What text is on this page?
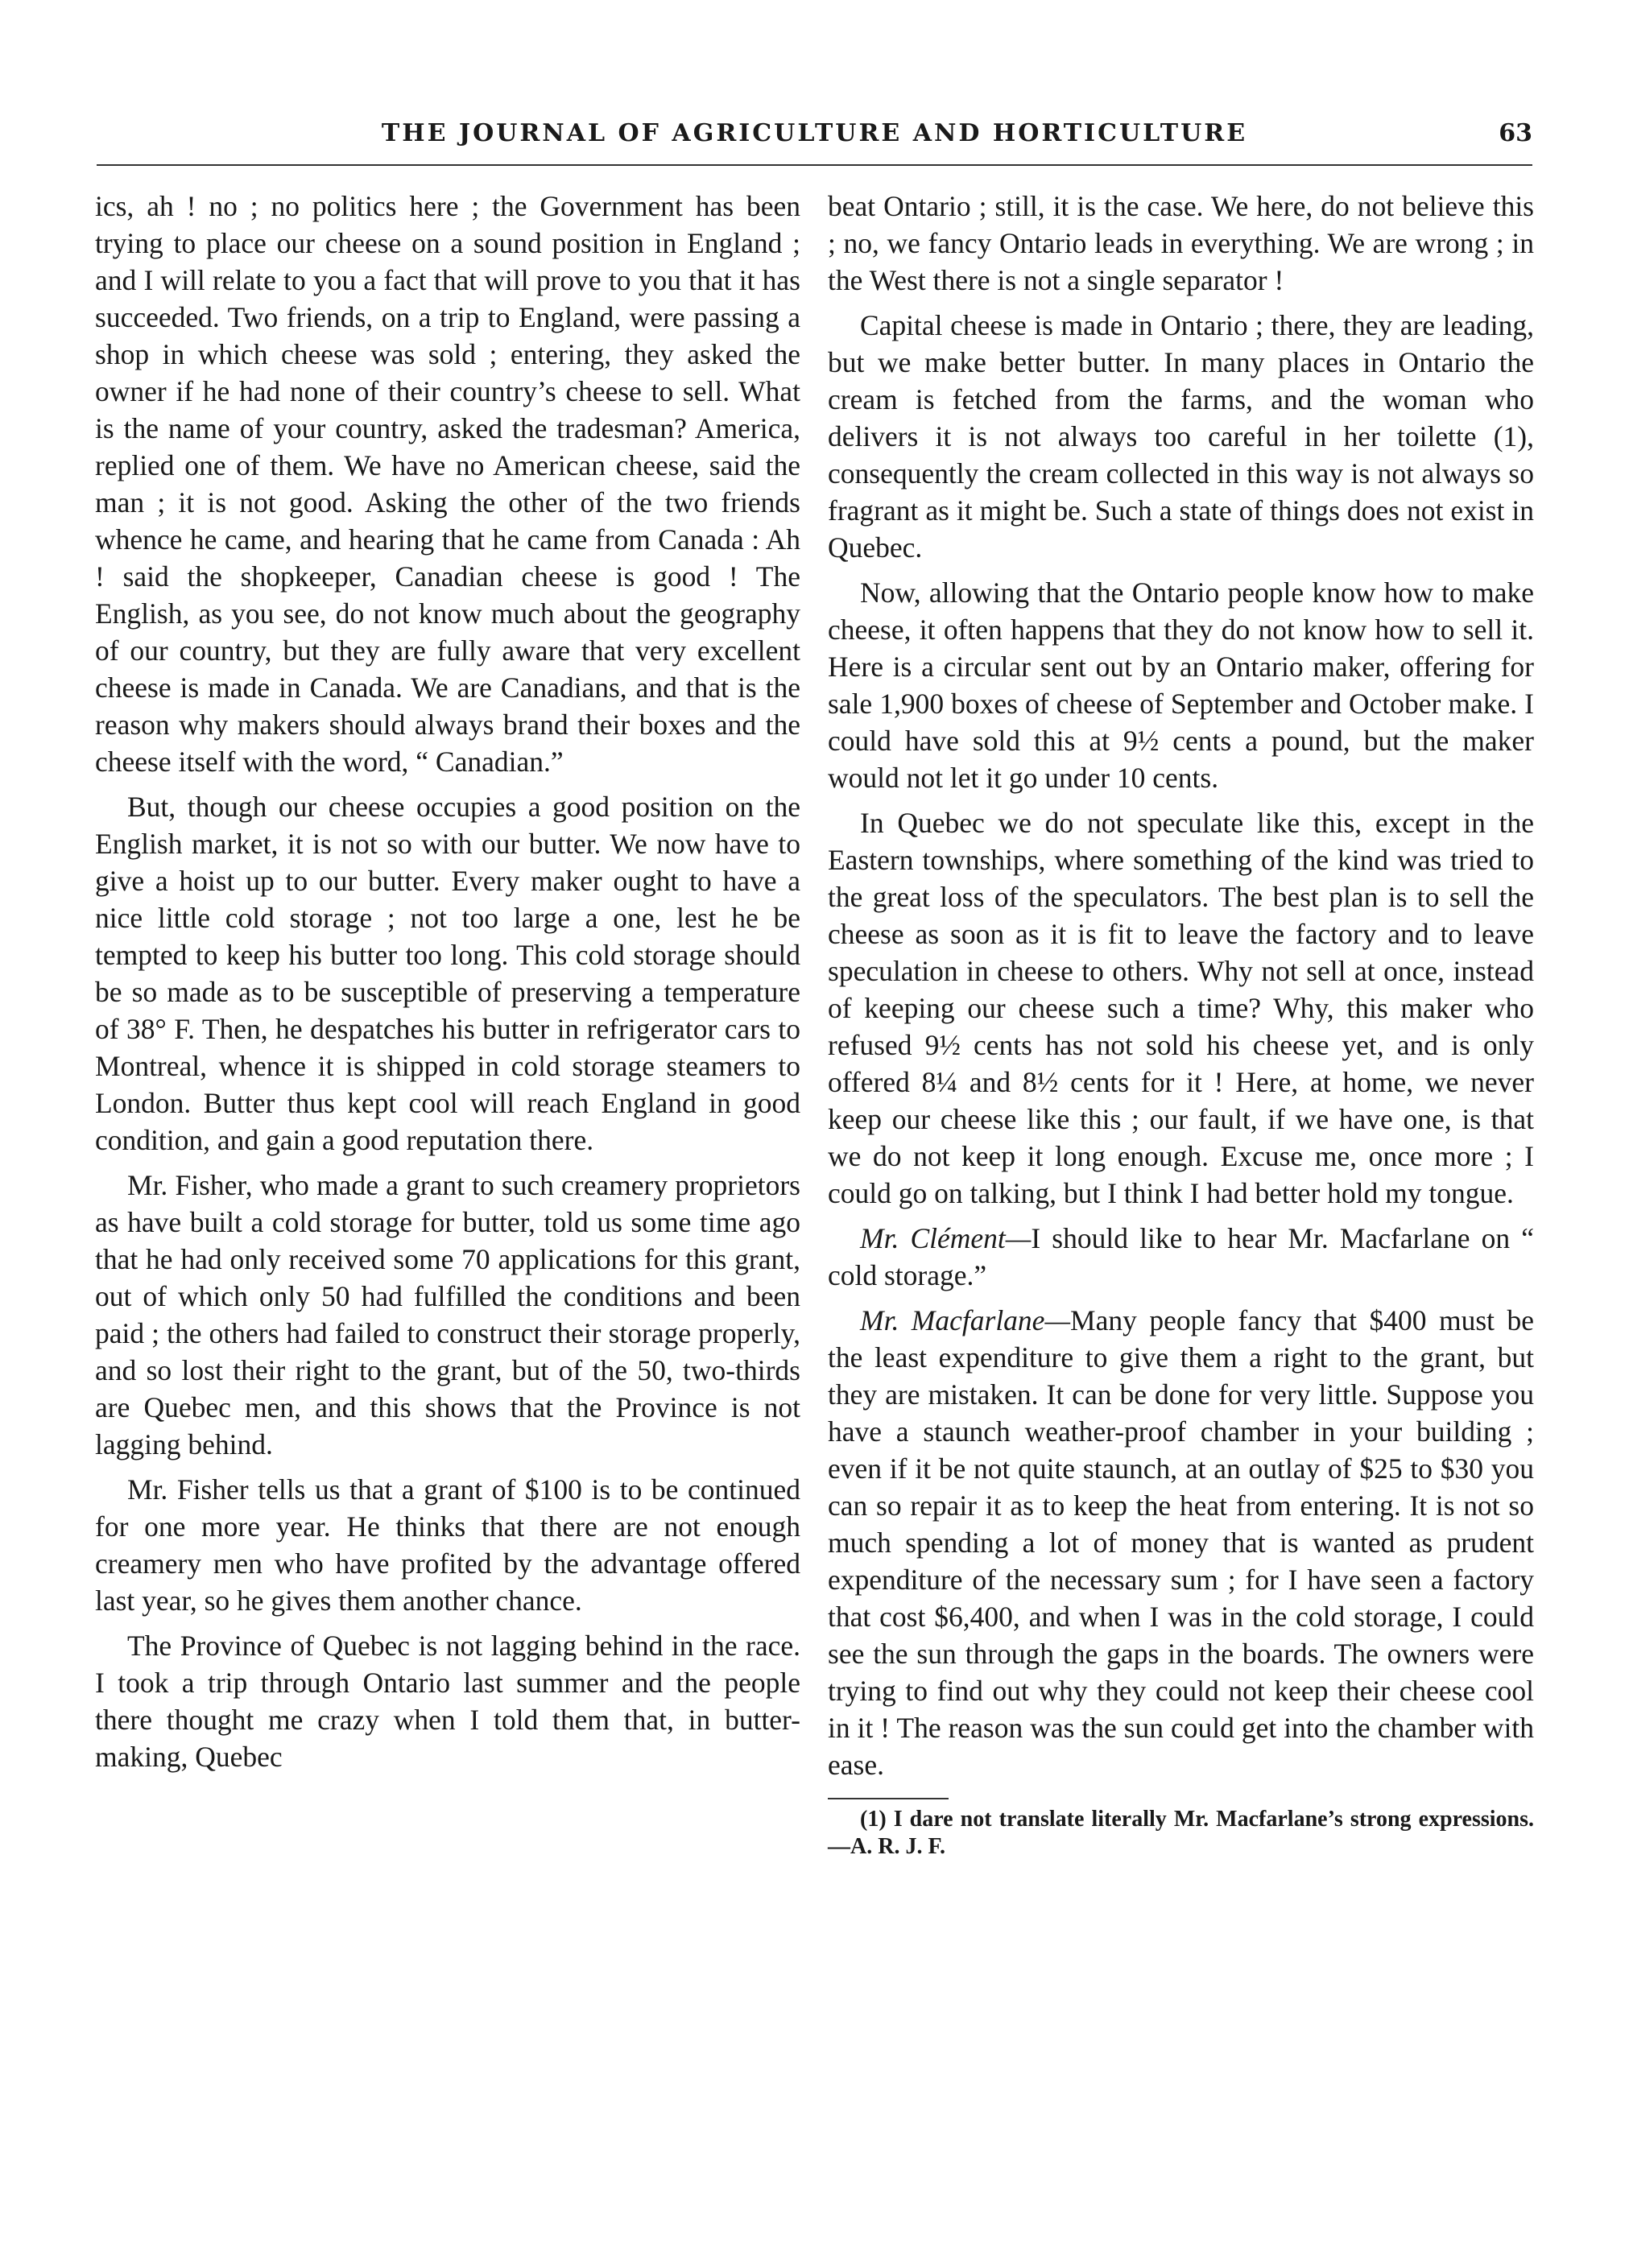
THE JOURNAL OF AGRICULTURE AND HORTICULTURE	63

ics, ah ! no ; no politics here ; the Government has been trying to place our cheese on a sound position in England ; and I will relate to you a fact that will prove to you that it has succeeded. Two friends, on a trip to England, were passing a shop in which cheese was sold ; entering, they asked the owner if he had none of their country’s cheese to sell. What is the name of your country, asked the tradesman? America, replied one of them. We have no American cheese, said the man ; it is not good. Asking the other of the two friends whence he came, and hearing that he came from Canada : Ah ! said the shopkeeper, Canadian cheese is good ! The English, as you see, do not know much about the geography of our country, but they are fully aware that very excellent cheese is made in Canada. We are Canadians, and that is the reason why makers should always brand their boxes and the cheese itself with the word, “ Canadian.”

But, though our cheese occupies a good position on the English market, it is not so with our butter. We now have to give a hoist up to our butter. Every maker ought to have a nice little cold storage ; not too large a one, lest he be tempted to keep his butter too long. This cold storage should be so made as to be susceptible of preserving a temperature of 38° F. Then, he despatches his butter in refrigerator cars to Montreal, whence it is shipped in cold storage steamers to London. Butter thus kept cool will reach England in good condition, and gain a good reputation there.

Mr. Fisher, who made a grant to such creamery proprietors as have built a cold storage for butter, told us some time ago that he had only received some 70 applications for this grant, out of which only 50 had fulfilled the conditions and been paid ; the others had failed to construct their storage properly, and so lost their right to the grant, but of the 50, two-thirds are Quebec men, and this shows that the Province is not lagging behind.

Mr. Fisher tells us that a grant of $100 is to be continued for one more year. He thinks that there are not enough creamery men who have profited by the advantage offered last year, so he gives them another chance.

The Province of Quebec is not lagging behind in the race. I took a trip through Ontario last summer and the people there thought me crazy when I told them that, in butter-making, Quebec

beat Ontario ; still, it is the case. We here, do not believe this ; no, we fancy Ontario leads in everything. We are wrong ; in the West there is not a single separator !

Capital cheese is made in Ontario ; there, they are leading, but we make better butter. In many places in Ontario the cream is fetched from the farms, and the woman who delivers it is not always too careful in her toilette (1), consequently the cream collected in this way is not always so fragrant as it might be. Such a state of things does not exist in Quebec.

Now, allowing that the Ontario people know how to make cheese, it often happens that they do not know how to sell it. Here is a circular sent out by an Ontario maker, offering for sale 1,900 boxes of cheese of September and October make. I could have sold this at 9½ cents a pound, but the maker would not let it go under 10 cents.

In Quebec we do not speculate like this, except in the Eastern townships, where something of the kind was tried to the great loss of the speculators. The best plan is to sell the cheese as soon as it is fit to leave the factory and to leave speculation in cheese to others. Why not sell at once, instead of keeping our cheese such a time? Why, this maker who refused 9½ cents has not sold his cheese yet, and is only offered 8¼ and 8½ cents for it ! Here, at home, we never keep our cheese like this ; our fault, if we have one, is that we do not keep it long enough. Excuse me, once more ; I could go on talking, but I think I had better hold my tongue.

Mr. Clément—I should like to hear Mr. Macfarlane on “ cold storage.”

Mr. Macfarlane—Many people fancy that $400 must be the least expenditure to give them a right to the grant, but they are mistaken. It can be done for very little. Suppose you have a staunch weather-proof chamber in your building ; even if it be not quite staunch, at an outlay of $25 to $30 you can so repair it as to keep the heat from entering. It is not so much spending a lot of money that is wanted as prudent expenditure of the necessary sum ; for I have seen a factory that cost $6,400, and when I was in the cold storage, I could see the sun through the gaps in the boards. The owners were trying to find out why they could not keep their cheese cool in it ! The reason was the sun could get into the chamber with ease.

(1) I dare not translate literally Mr. Macfarlane’s strong expressions.—A. R. J. F.
